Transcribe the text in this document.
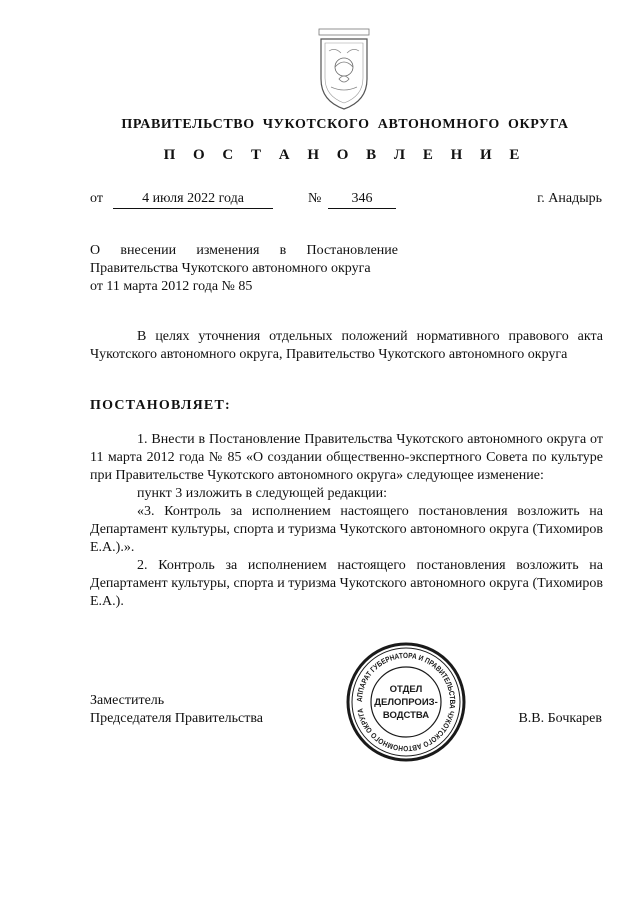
ПРАВИТЕЛЬСТВО ЧУКОТСКОГО АВТОНОМНОГО ОКРУГА
П О С Т А Н О В Л Е Н И Е
от	4 июля 2022 года	№	346	г. Анадырь
О внесении изменения в Постановление
Правительства Чукотского автономного округа
от 11 марта 2012 года № 85
В целях уточнения отдельных положений нормативного правового акта Чукотского автономного округа, Правительство Чукотского автономного округа
ПОСТАНОВЛЯЕТ:

1. Внести в Постановление Правительства Чукотского автономного округа от 11 марта 2012 года № 85 «О создании общественно-экспертного Совета по культуре при Правительстве Чукотского автономного округа» следующее изменение:

пункт 3 изложить в следующей редакции:

«3. Контроль за исполнением настоящего постановления возложить на Департамент культуры, спорта и туризма Чукотского автономного округа (Тихомиров Е.А.).».

2. Контроль за исполнением настоящего постановления возложить на Департамент культуры, спорта и туризма Чукотского автономного округа (Тихомиров Е.А.).

Заместитель
Председателя Правительства	В.В. Бочкарев
АППАРАТ ГУБЕРНАТОРА И ПРАВИТЕЛЬСТВА ЧУКОТСКОГО АВТОНОМНОГО ОКРУГА
ОТДЕЛ
ДЕЛОПРОИЗ-
ВОДСТВА
